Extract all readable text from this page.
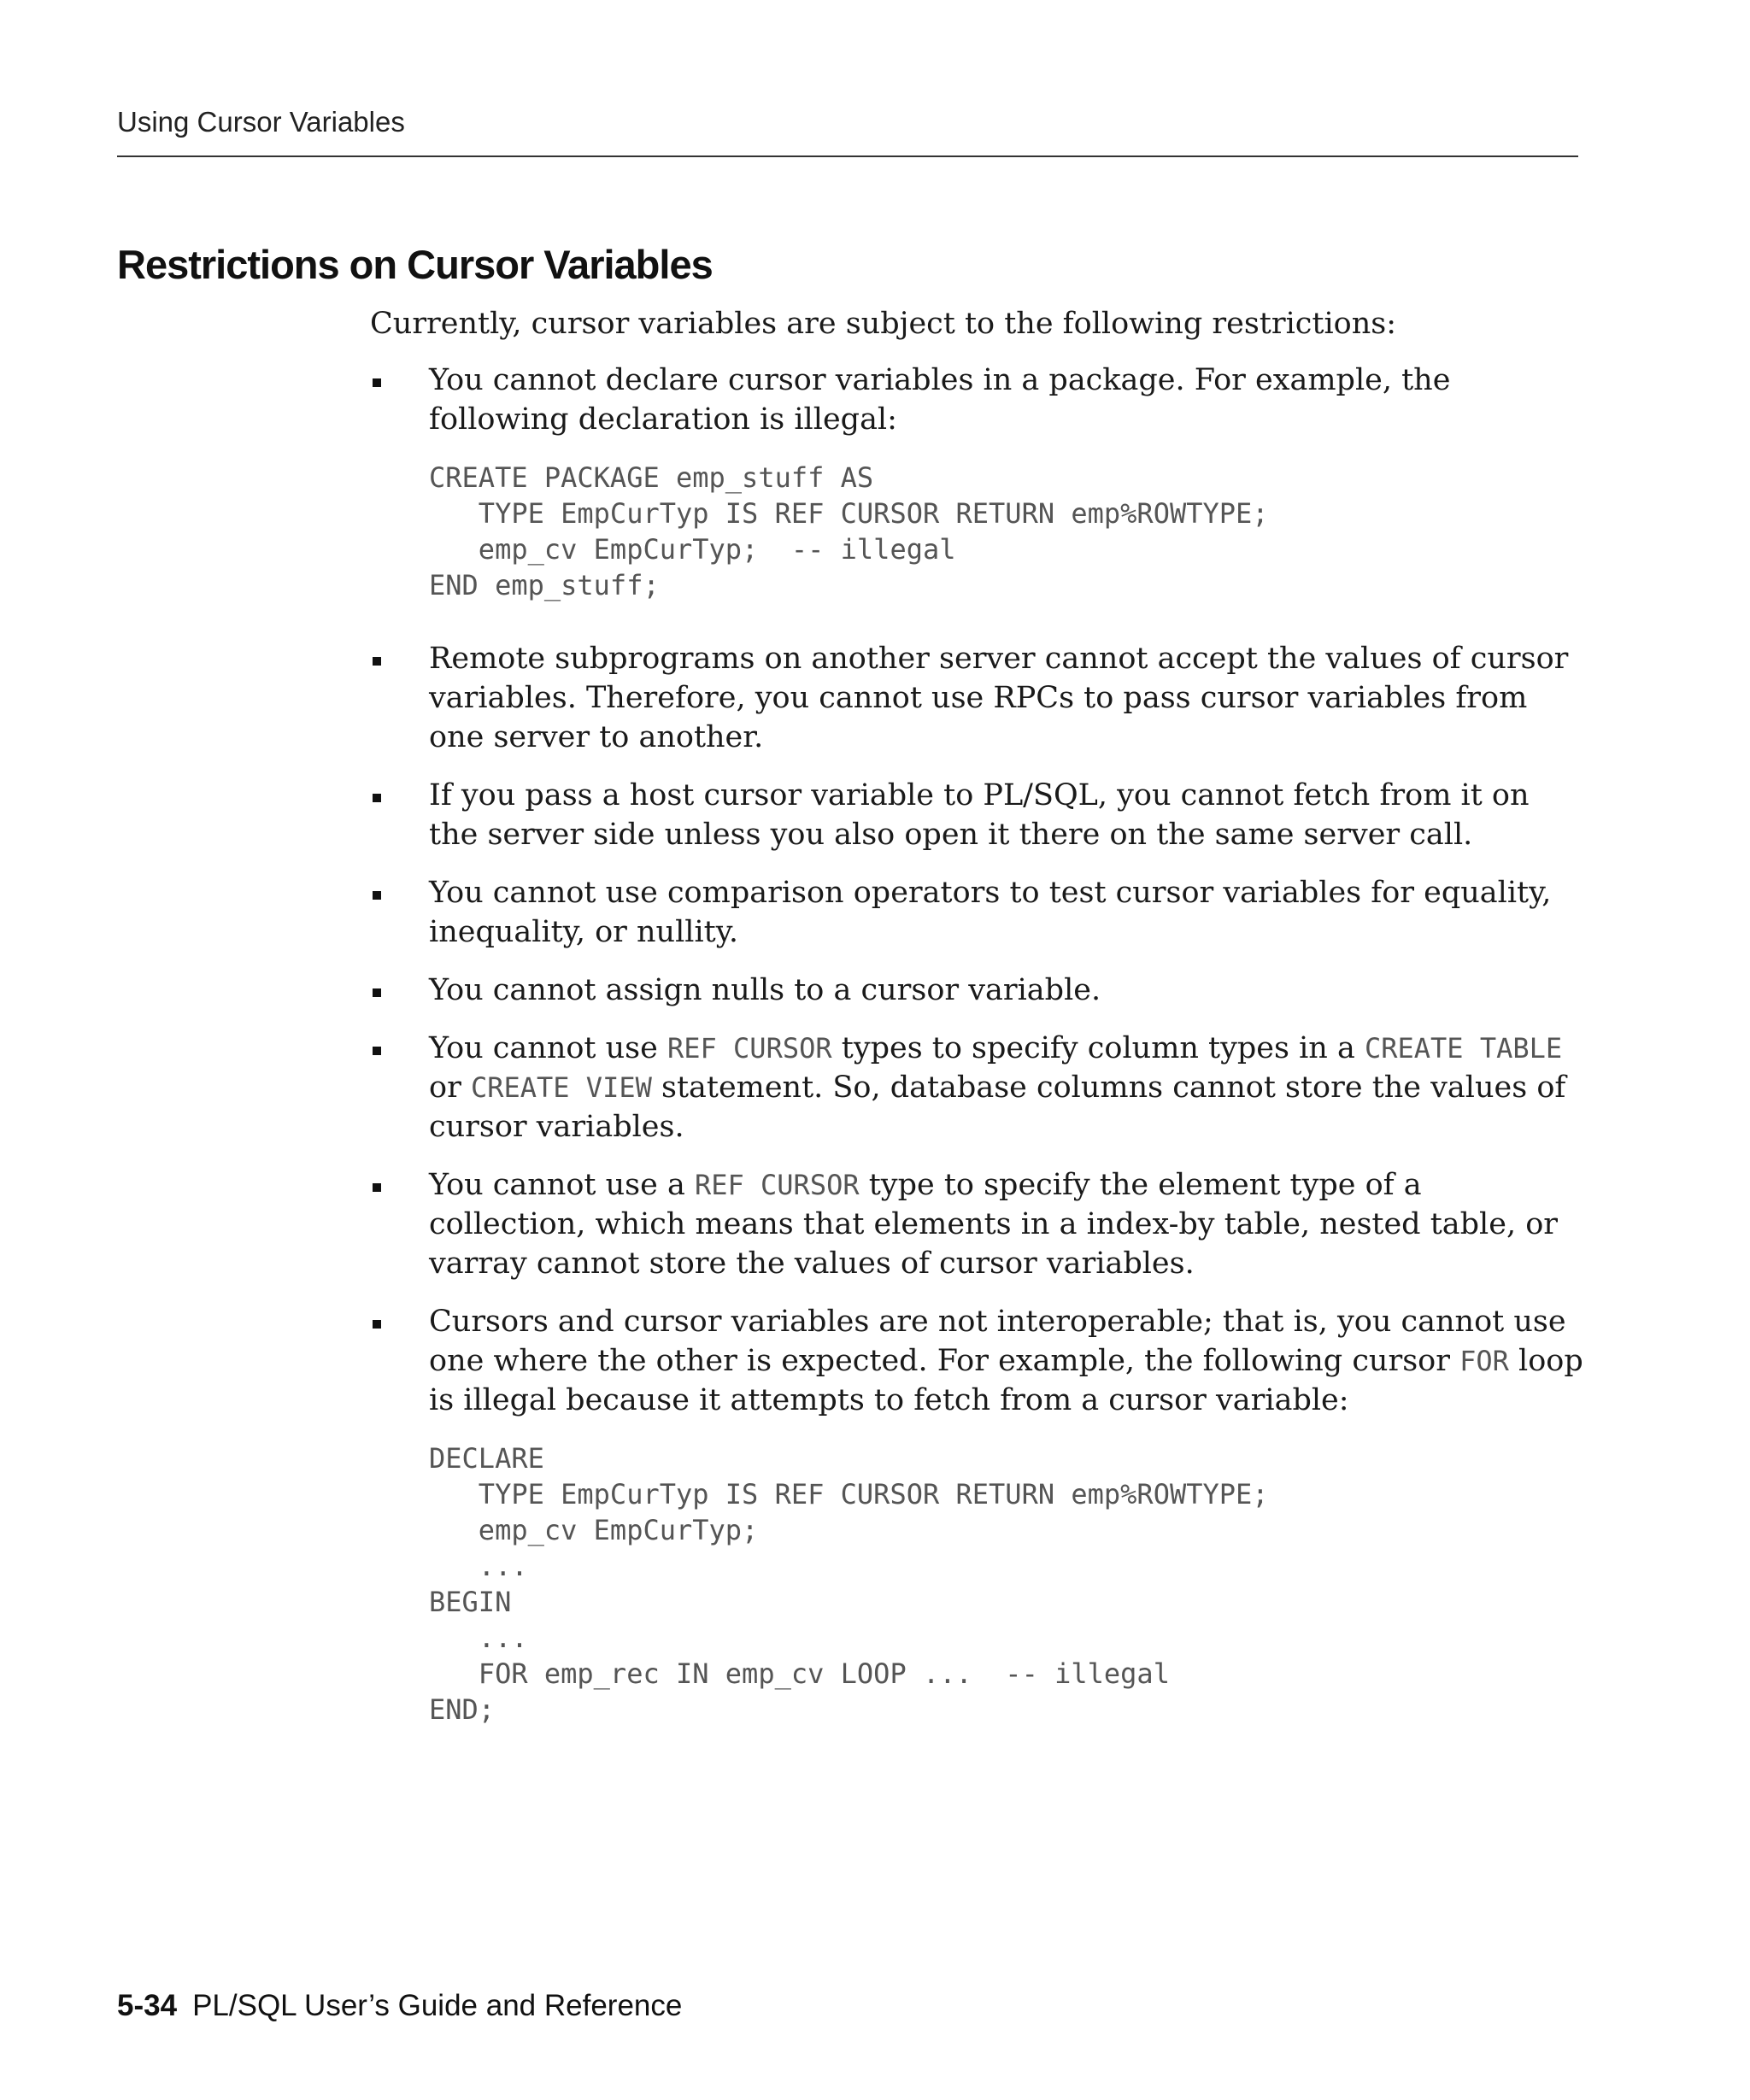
Using Cursor Variables
Restrictions on Cursor Variables

Currently, cursor variables are subject to the following restrictions:

You cannot declare cursor variables in a package. For example, the following declaration is illegal:
CREATE PACKAGE emp_stuff AS
TYPE EmpCurTyp IS REF CURSOR RETURN emp%ROWTYPE;
emp_cv EmpCurTyp;  -- illegal
END emp_stuff;
Remote subprograms on another server cannot accept the values of cursor variables. Therefore, you cannot use RPCs to pass cursor variables from one server to another.
If you pass a host cursor variable to PL/SQL, you cannot fetch from it on the server side unless you also open it there on the same server call.
You cannot use comparison operators to test cursor variables for equality, inequality, or nullity.
You cannot assign nulls to a cursor variable.
You cannot use REF CURSOR types to specify column types in a CREATE TABLE or CREATE VIEW statement. So, database columns cannot store the values of cursor variables.
You cannot use a REF CURSOR type to specify the element type of a collection, which means that elements in a index-by table, nested table, or varray cannot store the values of cursor variables.
Cursors and cursor variables are not interoperable; that is, you cannot use one where the other is expected. For example, the following cursor FOR loop is illegal because it attempts to fetch from a cursor variable:
DECLARE
TYPE EmpCurTyp IS REF CURSOR RETURN emp%ROWTYPE;
emp_cv EmpCurTyp;
...
BEGIN
...
FOR emp_rec IN emp_cv LOOP ...  -- illegal
END;
5-34 PL/SQL User’s Guide and Reference
